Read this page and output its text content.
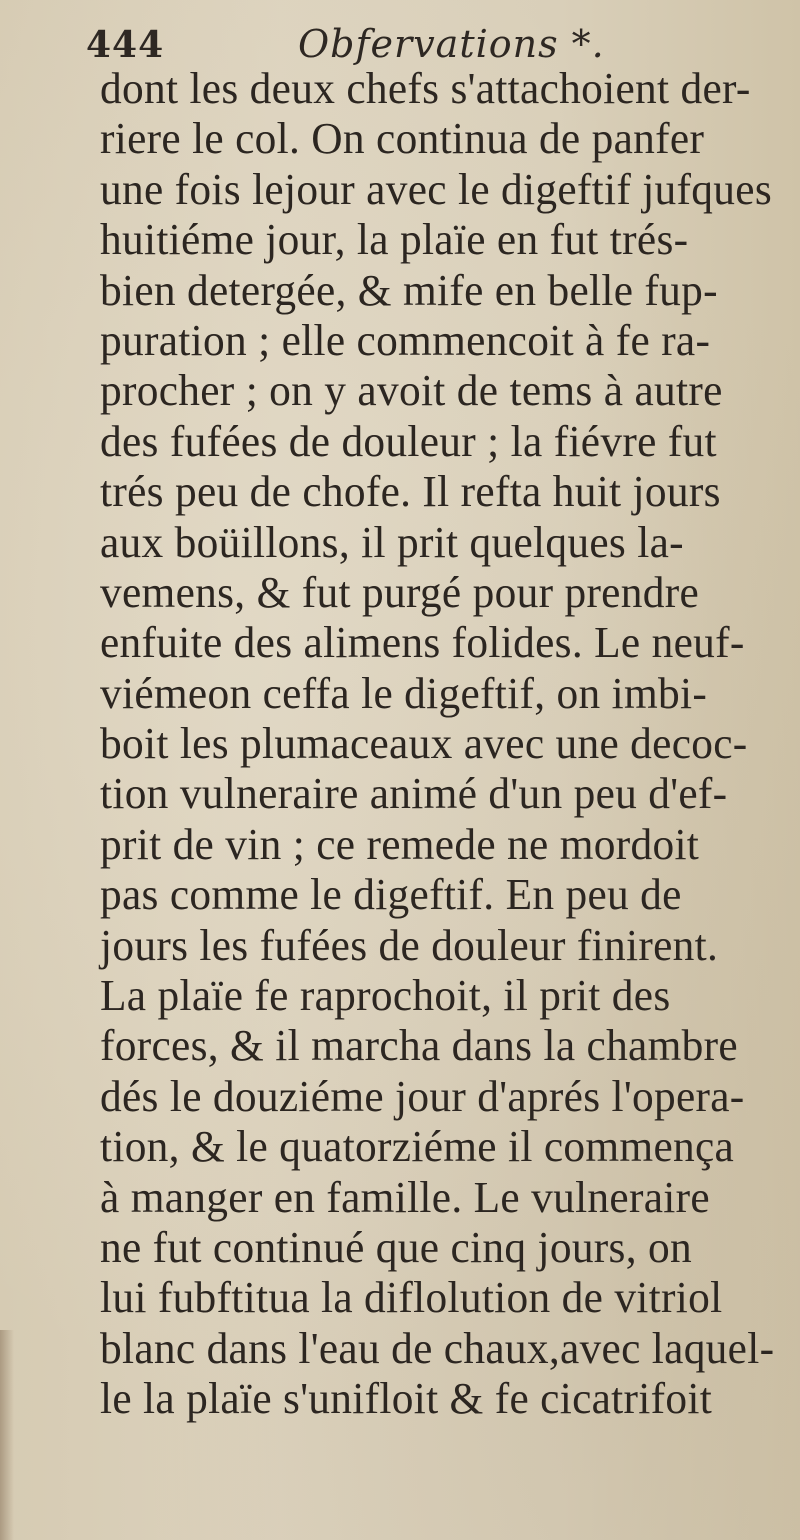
444	Obfervations *.
dont les deux chefs s'attachoient der-
riere le col. On continua de panfer
une fois lejour avec le digeftif jufques
huitiéme jour, la plaïe en fut trés-
bien detergée, & mife en belle fup-
puration ; elle commencoit à fe ra-
procher ; on y avoit de tems à autre
des fufées de douleur ; la fiévre fut
trés peu de chofe. Il refta huit jours
aux boüillons, il prit quelques la-
vemens, & fut purgé pour prendre
enfuite des alimens folides. Le neuf-
viémeon ceffa le digeftif, on imbi-
boit les plumaceaux avec une decoc-
tion vulneraire animé d'un peu d'ef-
prit de vin ; ce remede ne mordoit
pas comme le digeftif. En peu de
jours les fufées de douleur finirent.
La plaïe fe raprochoit, il prit des
forces, & il marcha dans la chambre
dés le douziéme jour d'aprés l'opera-
tion, & le quatorziéme il commença
à manger en famille. Le vulneraire
ne fut continué que cinq jours, on
lui fubftitua la diflolution de vitriol
blanc dans l'eau de chaux,avec laquel-
le la plaïe s'unifloit & fe cicatrifoit
